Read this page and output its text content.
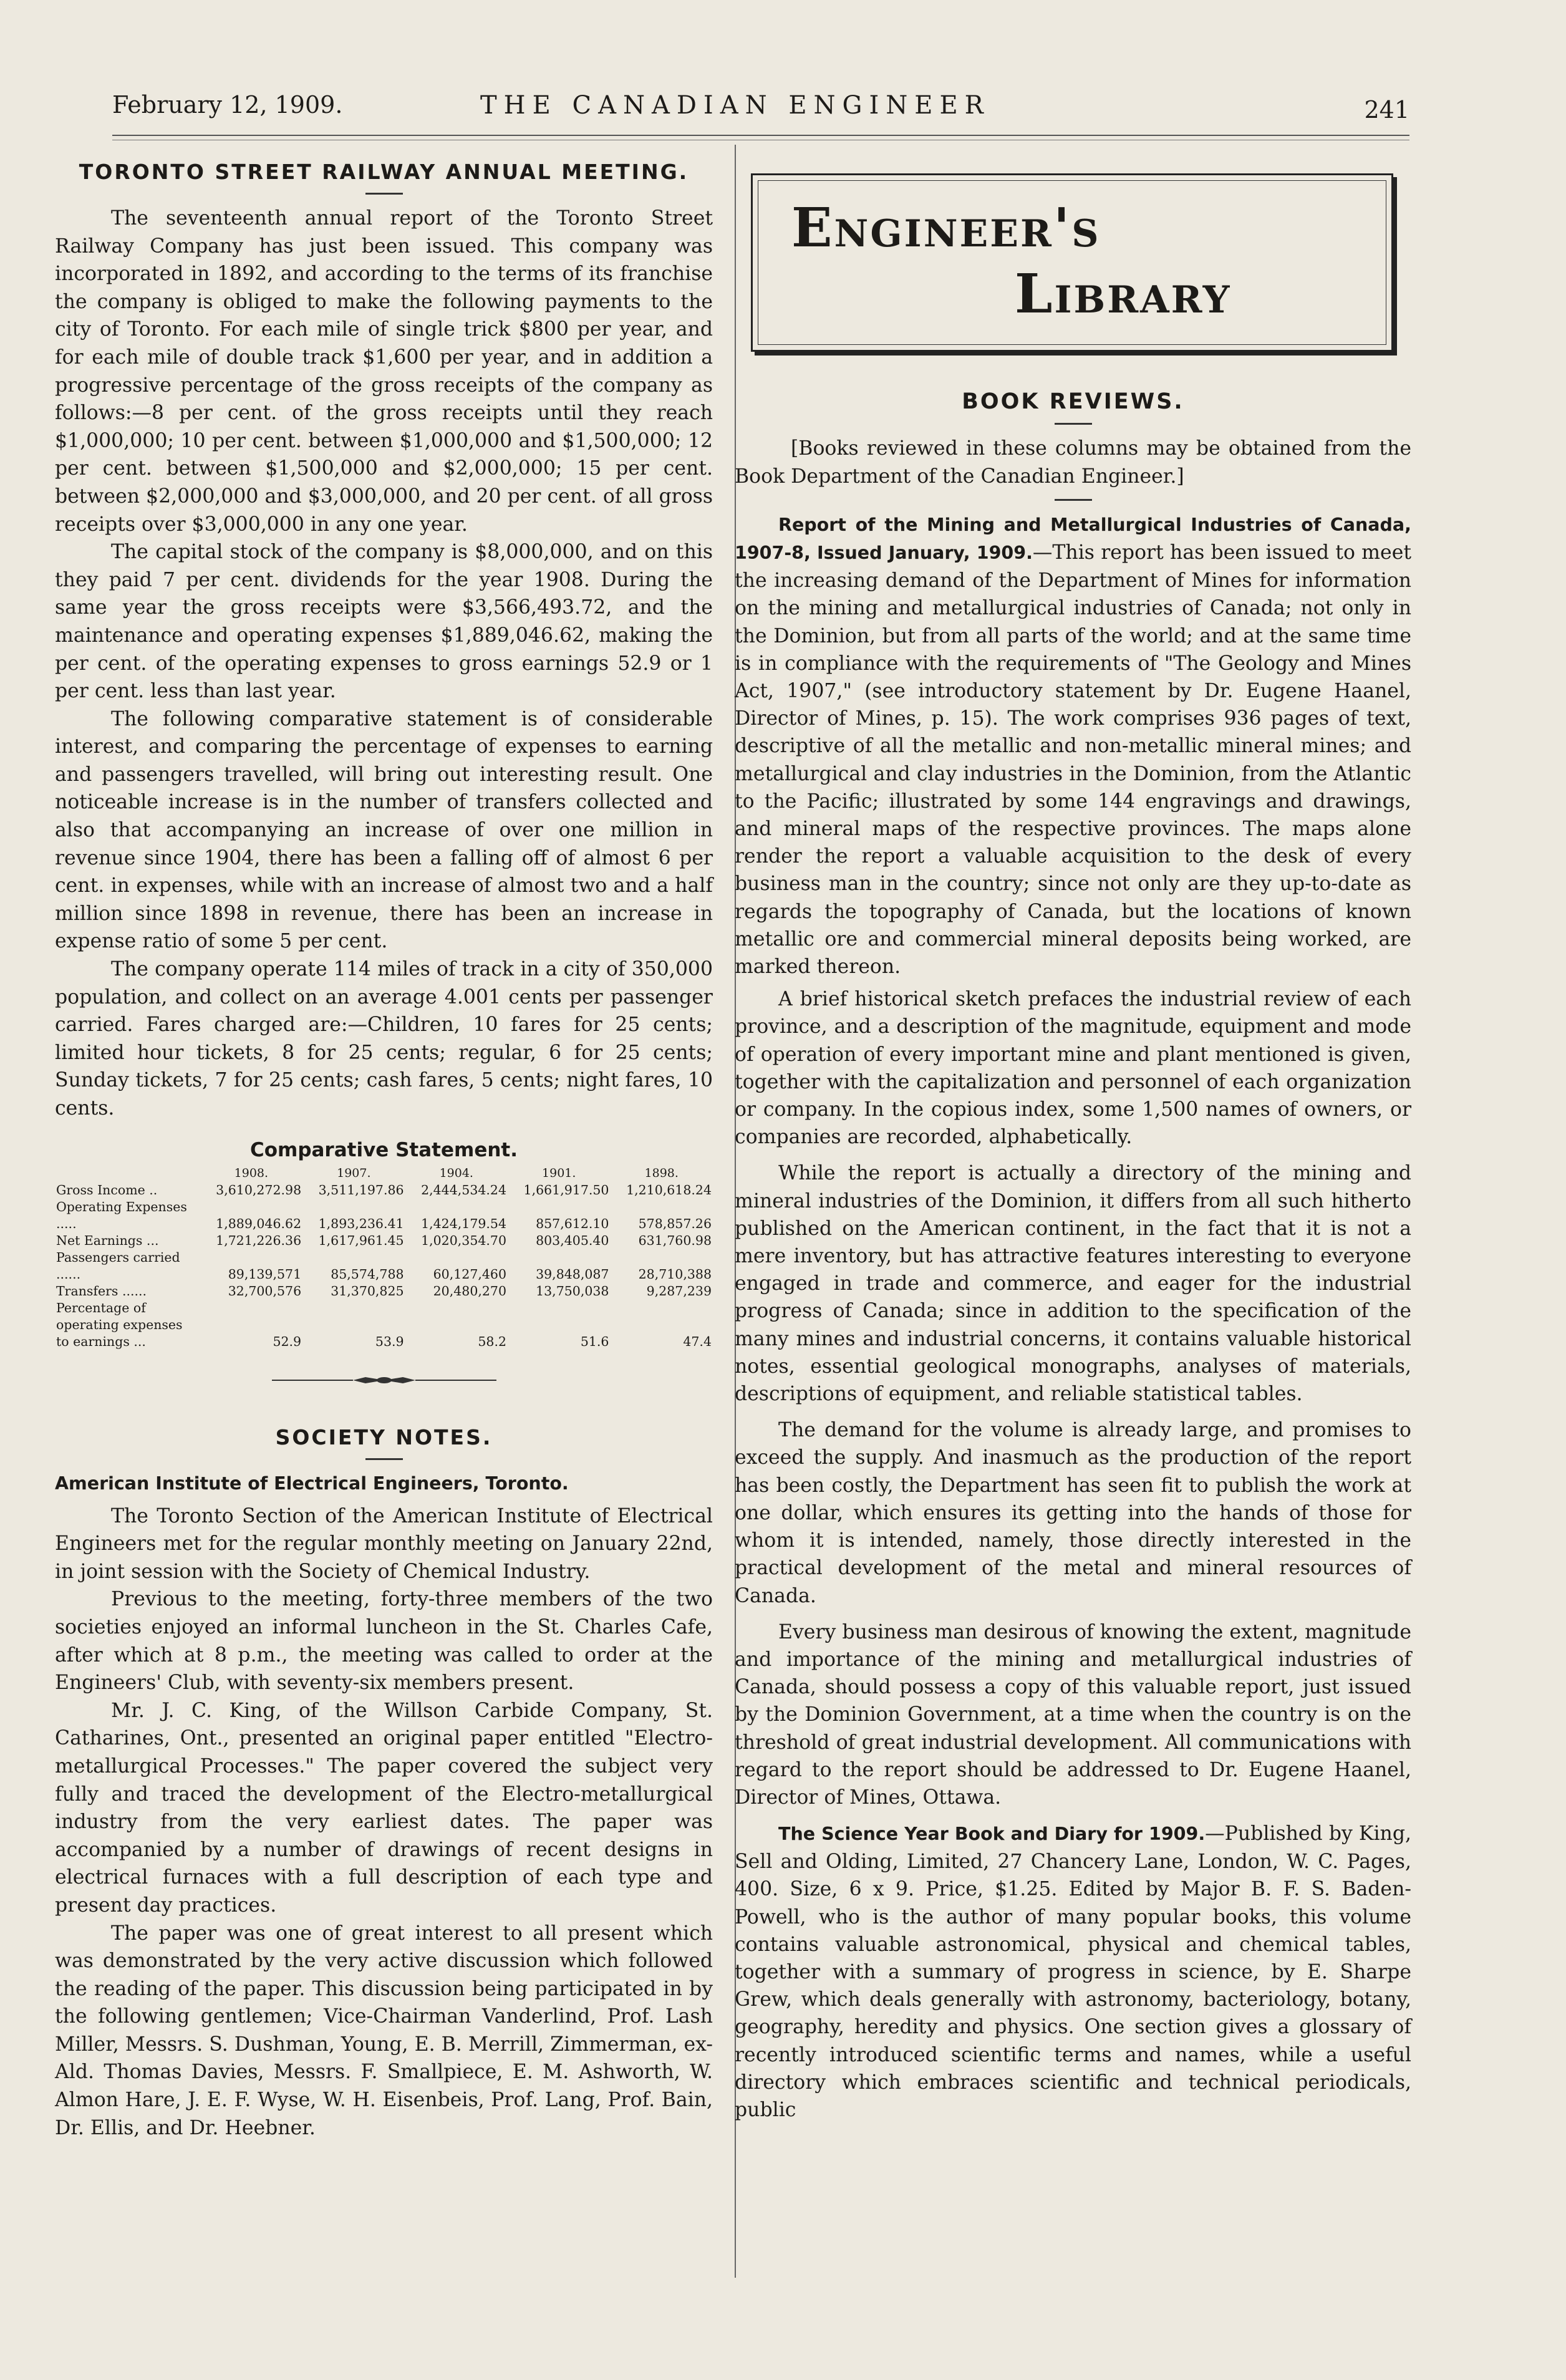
February 12, 1909.	THE CANADIAN ENGINEER	241
TORONTO STREET RAILWAY ANNUAL MEETING.

The seventeenth annual report of the Toronto Street Railway Company has just been issued. This company was incorporated in 1892, and according to the terms of its franchise the company is obliged to make the following payments to the city of Toronto. For each mile of single trick $800 per year, and for each mile of double track $1,600 per year, and in addition a progressive percentage of the gross receipts of the company as follows:—8 per cent. of the gross receipts until they reach $1,000,000; 10 per cent. between $1,000,000 and $1,500,000; 12 per cent. between $1,500,000 and $2,000,000; 15 per cent. between $2,000,000 and $3,000,000, and 20 per cent. of all gross receipts over $3,000,000 in any one year.

The capital stock of the company is $8,000,000, and on this they paid 7 per cent. dividends for the year 1908. During the same year the gross receipts were $3,566,493.72, and the maintenance and operating expenses $1,889,046.62, making the per cent. of the operating expenses to gross earnings 52.9 or 1 per cent. less than last year.

The following comparative statement is of considerable interest, and comparing the percentage of expenses to earning and passengers travelled, will bring out interesting result. One noticeable increase is in the number of transfers collected and also that accompanying an increase of over one million in revenue since 1904, there has been a falling off of almost 6 per cent. in expenses, while with an increase of almost two and a half million since 1898 in revenue, there has been an increase in expense ratio of some 5 per cent.

The company operate 114 miles of track in a city of 350,000 population, and collect on an average 4.001 cents per passenger carried. Fares charged are:—Children, 10 fares for 25 cents; limited hour tickets, 8 for 25 cents; regular, 6 for 25 cents; Sunday tickets, 7 for 25 cents; cash fares, 5 cents; night fares, 10 cents.

Comparative Statement.
	1908.	1907.	1904.	1901.	1898.
Gross Income ..	3,610,272.98	3,511,197.86	2,444,534.24	1,661,917.50	1,210,618.24
Operating Expenses .....	1,889,046.62	1,893,236.41	1,424,179.54	857,612.10	578,857.26
Net Earnings ...	1,721,226.36	1,617,961.45	1,020,354.70	803,405.40	631,760.98
Passengers carried ......	89,139,571	85,574,788	60,127,460	39,848,087	28,710,388
Transfers ......	32,700,576	31,370,825	20,480,270	13,750,038	9,287,239
Percentage of operating expenses to earnings ...	52.9	53.9	58.2	51.6	47.4
SOCIETY NOTES.
American Institute of Electrical Engineers, Toronto.

The Toronto Section of the American Institute of Electrical Engineers met for the regular monthly meeting on January 22nd, in joint session with the Society of Chemical Industry.

Previous to the meeting, forty-three members of the two societies enjoyed an informal luncheon in the St. Charles Cafe, after which at 8 p.m., the meeting was called to order at the Engineers' Club, with seventy-six members present.

Mr. J. C. King, of the Willson Carbide Company, St. Catharines, Ont., presented an original paper entitled "Electro-metallurgical Processes." The paper covered the subject very fully and traced the development of the Electro-metallurgical industry from the very earliest dates. The paper was accompanied by a number of drawings of recent designs in electrical furnaces with a full description of each type and present day practices.

The paper was one of great interest to all present which was demonstrated by the very active discussion which followed the reading of the paper. This discussion being participated in by the following gentlemen; Vice-Chairman Vanderlind, Prof. Lash Miller, Messrs. S. Dushman, Young, E. B. Merrill, Zimmerman, ex-Ald. Thomas Davies, Messrs. F. Smallpiece, E. M. Ashworth, W. Almon Hare, J. E. F. Wyse, W. H. Eisenbeis, Prof. Lang, Prof. Bain, Dr. Ellis, and Dr. Heebner.

Engineer's
Library
BOOK REVIEWS.

[Books reviewed in these columns may be obtained from the Book Department of the Canadian Engineer.]

Report of the Mining and Metallurgical Industries of Canada, 1907-8, Issued January, 1909.—This report has been issued to meet the increasing demand of the Department of Mines for information on the mining and metallurgical industries of Canada; not only in the Dominion, but from all parts of the world; and at the same time is in compliance with the requirements of "The Geology and Mines Act, 1907," (see introductory statement by Dr. Eugene Haanel, Director of Mines, p. 15). The work comprises 936 pages of text, descriptive of all the metallic and non-metallic mineral mines; and metallurgical and clay industries in the Dominion, from the Atlantic to the Pacific; illustrated by some 144 engravings and drawings, and mineral maps of the respective provinces. The maps alone render the report a valuable acquisition to the desk of every business man in the country; since not only are they up-to-date as regards the topography of Canada, but the locations of known metallic ore and commercial mineral deposits being worked, are marked thereon.

A brief historical sketch prefaces the industrial review of each province, and a description of the magnitude, equipment and mode of operation of every important mine and plant mentioned is given, together with the capitalization and personnel of each organization or company. In the copious index, some 1,500 names of owners, or companies are recorded, alphabetically.

While the report is actually a directory of the mining and mineral industries of the Dominion, it differs from all such hitherto published on the American continent, in the fact that it is not a mere inventory, but has attractive features interesting to everyone engaged in trade and commerce, and eager for the industrial progress of Canada; since in addition to the specification of the many mines and industrial concerns, it contains valuable historical notes, essential geological monographs, analyses of materials, descriptions of equipment, and reliable statistical tables.

The demand for the volume is already large, and promises to exceed the supply. And inasmuch as the production of the report has been costly, the Department has seen fit to publish the work at one dollar, which ensures its getting into the hands of those for whom it is intended, namely, those directly interested in the practical development of the metal and mineral resources of Canada.

Every business man desirous of knowing the extent, magnitude and importance of the mining and metallurgical industries of Canada, should possess a copy of this valuable report, just issued by the Dominion Government, at a time when the country is on the threshold of great industrial development. All communications with regard to the report should be addressed to Dr. Eugene Haanel, Director of Mines, Ottawa.

The Science Year Book and Diary for 1909.—Published by King, Sell and Olding, Limited, 27 Chancery Lane, London, W. C. Pages, 400. Size, 6 x 9. Price, $1.25. Edited by Major B. F. S. Baden-Powell, who is the author of many popular books, this volume contains valuable astronomical, physical and chemical tables, together with a summary of progress in science, by E. Sharpe Grew, which deals generally with astronomy, bacteriology, botany, geography, heredity and physics. One section gives a glossary of recently introduced scientific terms and names, while a useful directory which embraces scientific and technical periodicals, public
